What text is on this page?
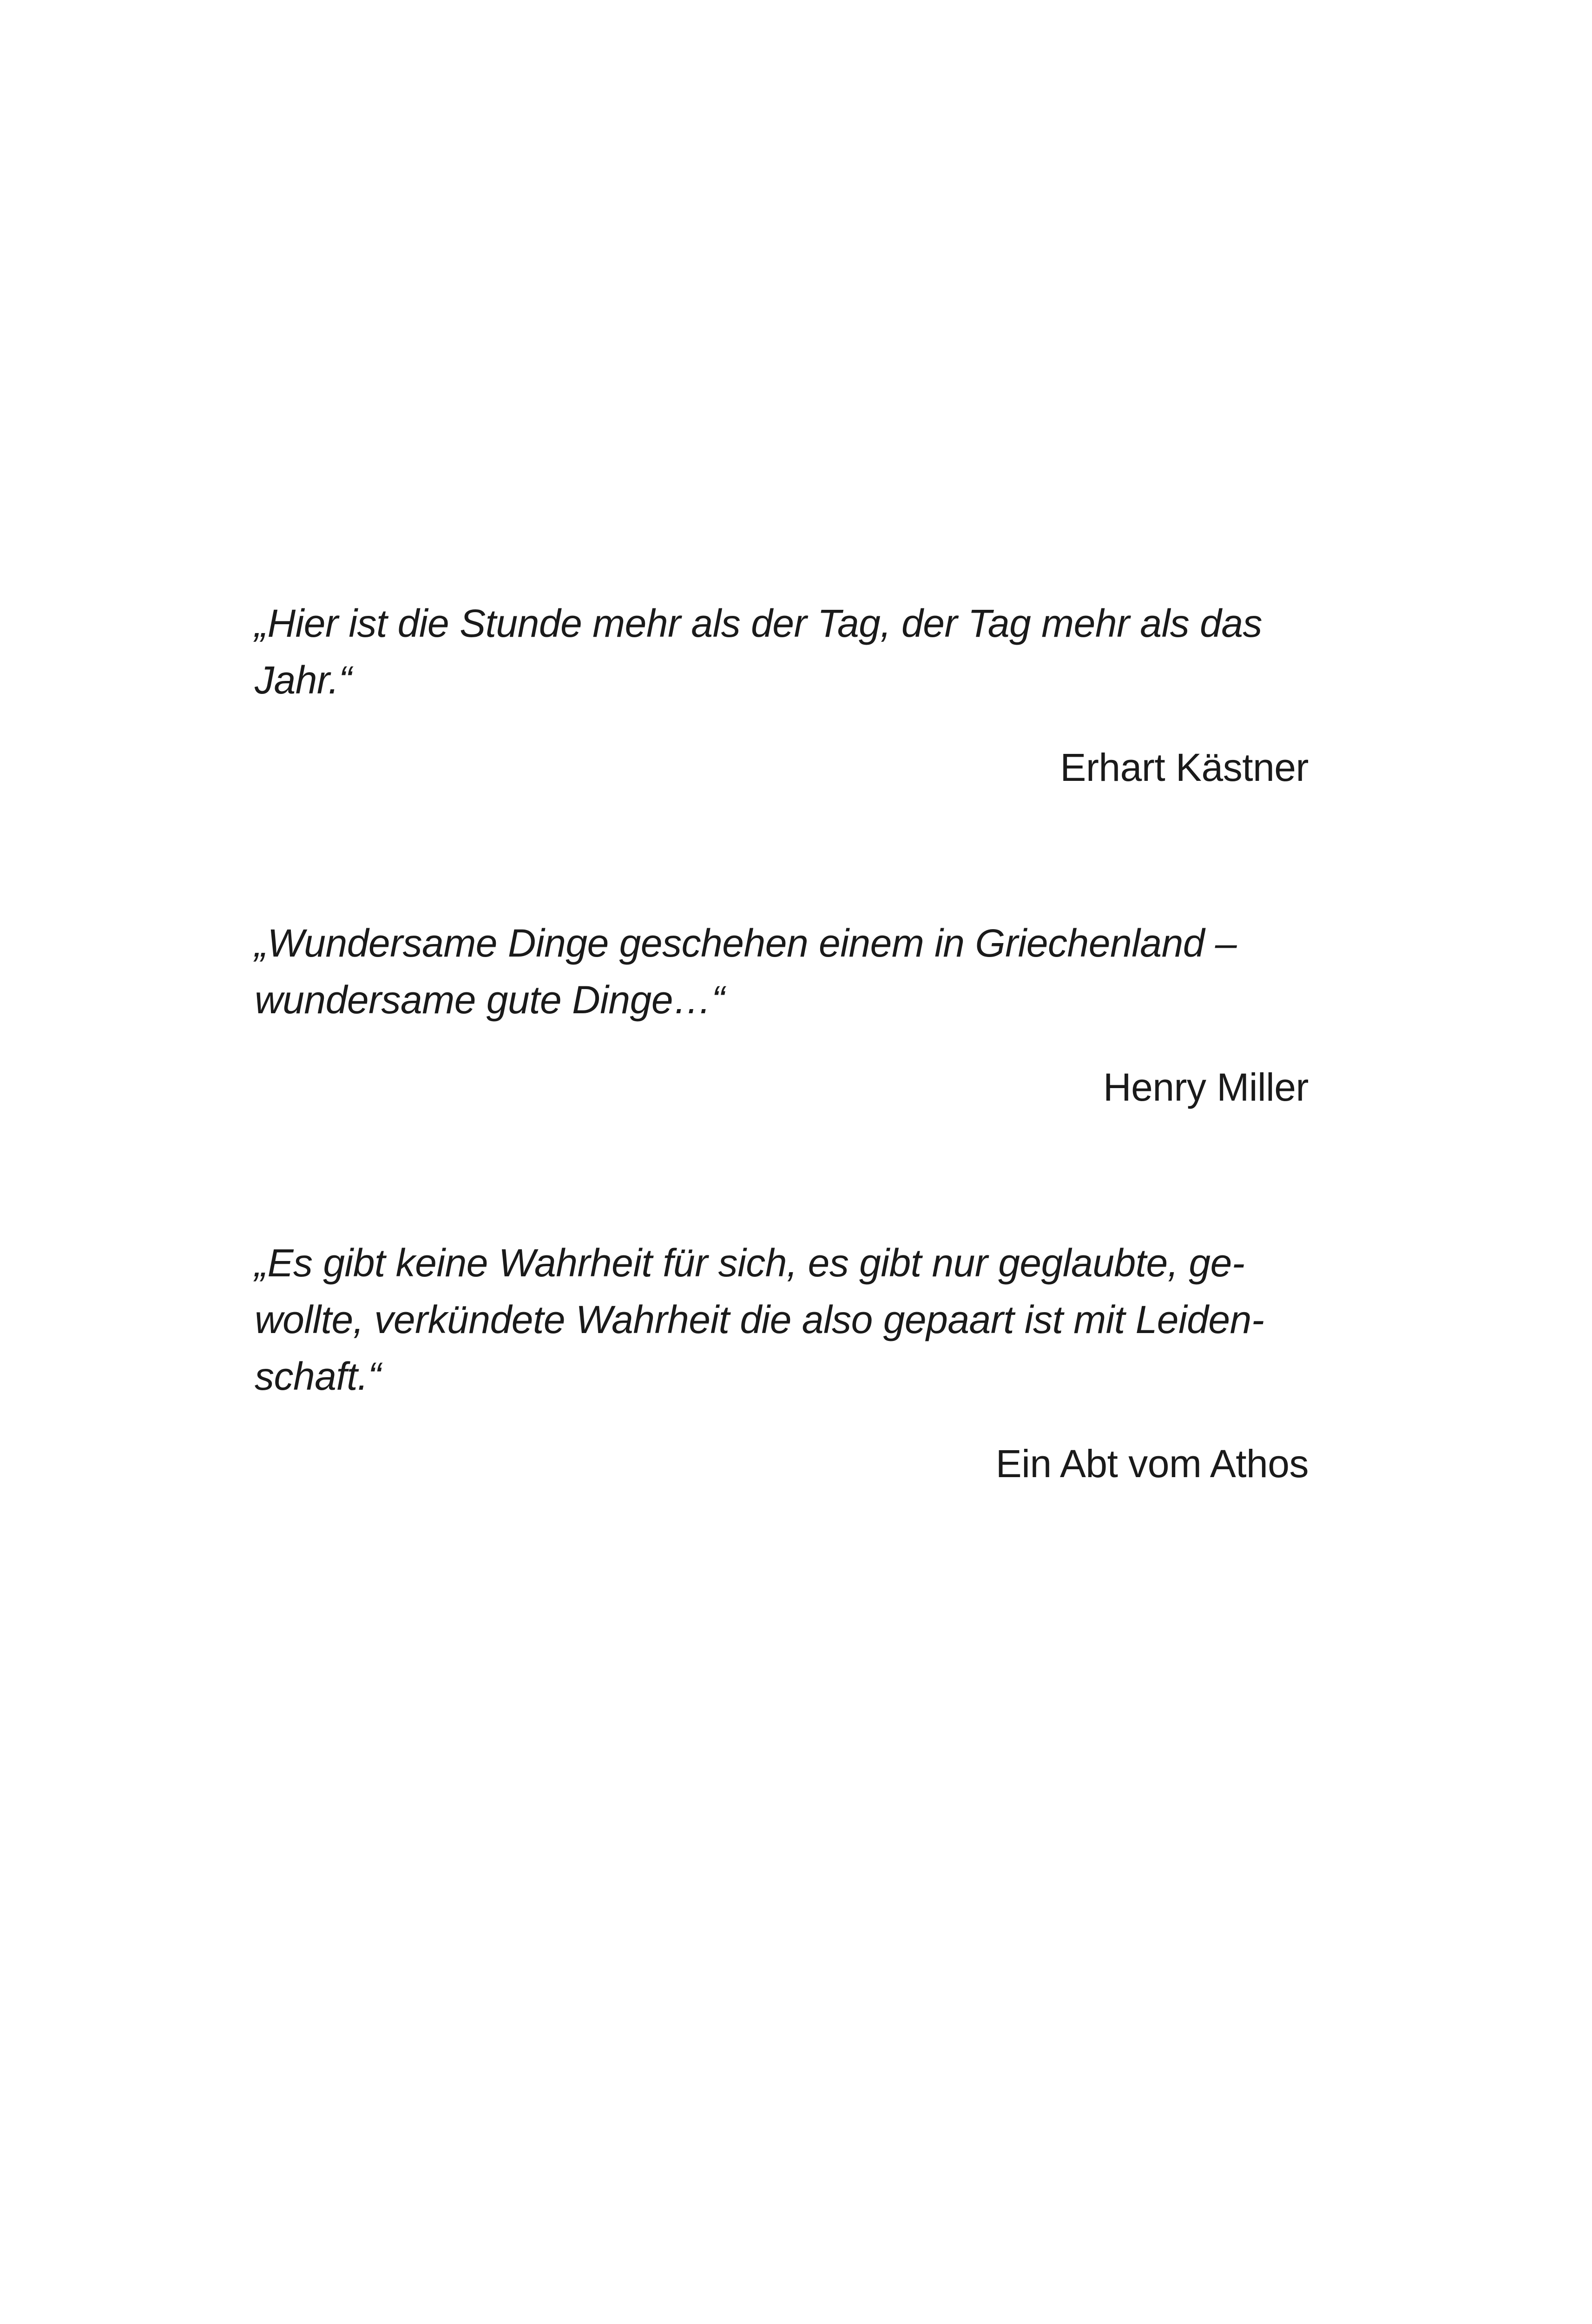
„Hier ist die Stunde mehr als der Tag, der Tag mehr als das
Jahr.“

Erhart Kästner

„Wundersame Dinge geschehen einem in Griechenland –
wundersame gute Dinge…“

Henry Miller

„Es gibt keine Wahrheit für sich, es gibt nur geglaubte, ge-
wollte, verkündete Wahrheit die also gepaart ist mit Leiden-
schaft.“

Ein Abt vom Athos
